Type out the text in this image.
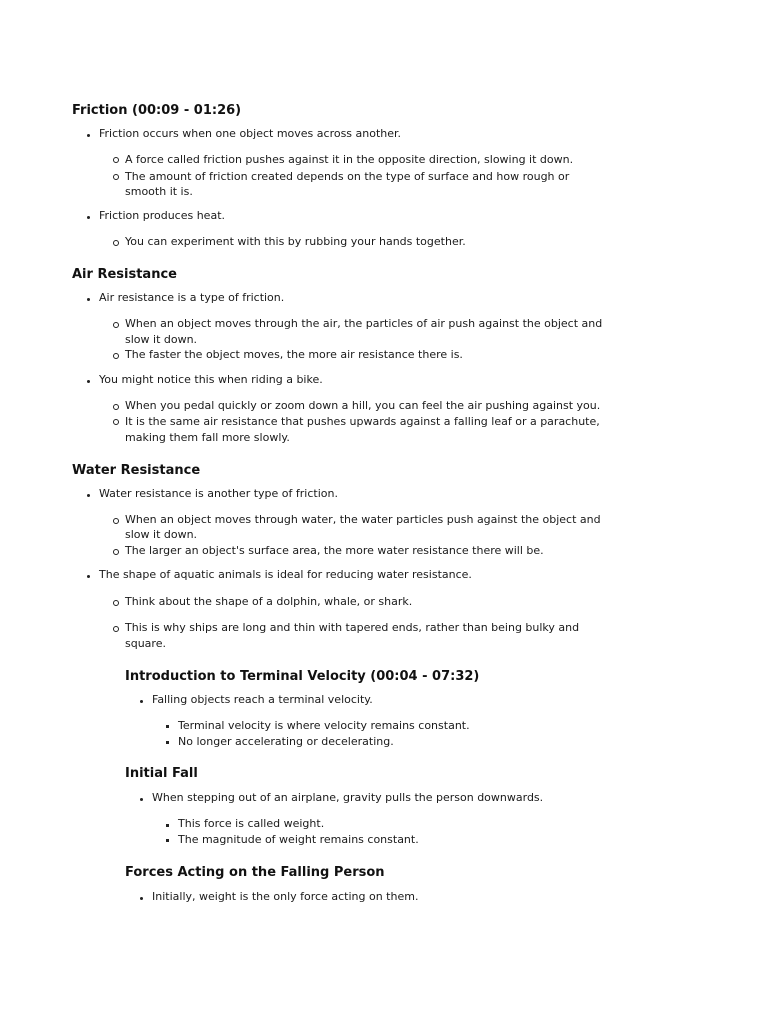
Friction (00:09 - 01:26)
Friction occurs when one object moves across another.
A force called friction pushes against it in the opposite direction, slowing it down.
The amount of friction created depends on the type of surface and how rough or
smooth it is.
Friction produces heat.
You can experiment with this by rubbing your hands together.
Air Resistance
Air resistance is a type of friction.
When an object moves through the air, the particles of air push against the object and
slow it down.
The faster the object moves, the more air resistance there is.
You might notice this when riding a bike.
When you pedal quickly or zoom down a hill, you can feel the air pushing against you.
It is the same air resistance that pushes upwards against a falling leaf or a parachute,
making them fall more slowly.
Water Resistance
Water resistance is another type of friction.
When an object moves through water, the water particles push against the object and
slow it down.
The larger an object's surface area, the more water resistance there will be.
The shape of aquatic animals is ideal for reducing water resistance.
Think about the shape of a dolphin, whale, or shark.
This is why ships are long and thin with tapered ends, rather than being bulky and
square.
Introduction to Terminal Velocity (00:04 - 07:32)
Falling objects reach a terminal velocity.
Terminal velocity is where velocity remains constant.
No longer accelerating or decelerating.
Initial Fall
When stepping out of an airplane, gravity pulls the person downwards.
This force is called weight.
The magnitude of weight remains constant.
Forces Acting on the Falling Person
Initially, weight is the only force acting on them.
